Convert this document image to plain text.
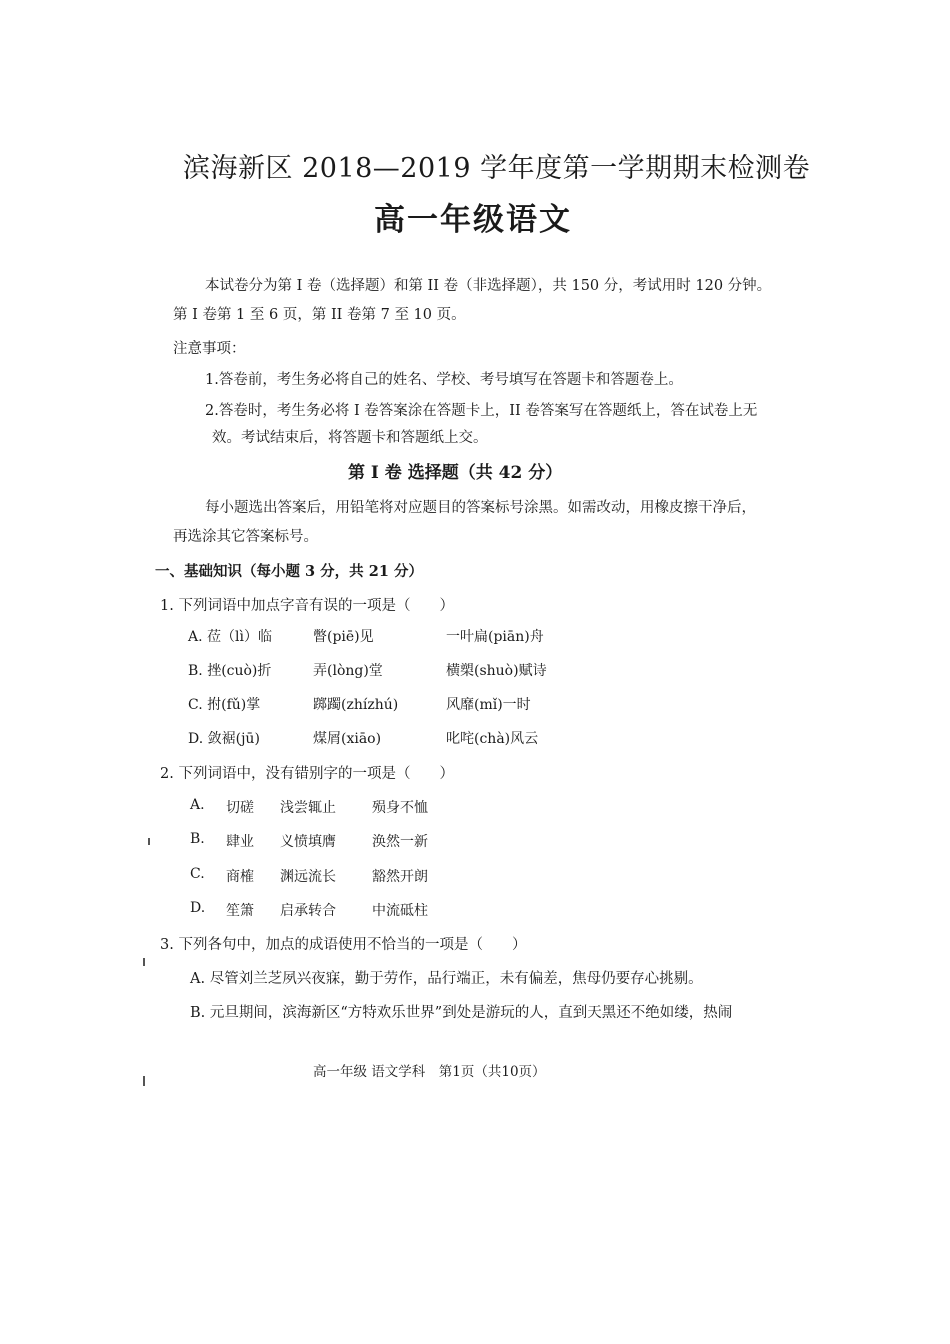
滨海新区 2018—2019 学年度第一学期期末检测卷
高一年级语文
本试卷分为第 I 卷（选择题）和第 II 卷（非选择题），共 150 分，考试用时 120 分钟。
第 I 卷第 1 至 6 页，第 II 卷第 7 至 10 页。
注意事项：
1.答卷前，考生务必将自己的姓名、学校、考号填写在答题卡和答题卷上。
2.答卷时，考生务必将 I 卷答案涂在答题卡上，II 卷答案写在答题纸上，答在试卷上无
效。考试结束后，将答题卡和答题纸上交。
第 I 卷 选择题（共 42 分）
每小题选出答案后，用铅笔将对应题目的答案标号涂黑。如需改动，用橡皮擦干净后，
再选涂其它答案标号。
一、基础知识（每小题 3 分，共 21 分）
1. 下列词语中加点字音有误的一项是（　　）
A. 莅（lì）临	瞥(piē)见	一叶扁(piān)舟
B. 挫(cuò)折	弄(lòng)堂	横槊(shuò)赋诗
C. 拊(fǔ)掌	踯躅(zhízhú)	风靡(mǐ)一时
D. 敛裾(jū)	煤屑(xiāo)	叱咤(chà)风云
2. 下列词语中，没有错别字的一项是（　　）
A. 切磋 浅尝辄止	殒身不恤
B. 肆业 义愤填膺	涣然一新
C. 商榷 渊远流长	豁然开朗
D. 笙箫 启承转合	中流砥柱
3. 下列各句中，加点的成语使用不恰当的一项是（　　）
A. 尽管刘兰芝夙兴夜寐，勤于劳作，品行端正，未有偏差，焦母仍要存心挑剔。
B. 元旦期间，滨海新区“方特欢乐世界”到处是游玩的人，直到天黑还不绝如缕，热闹
高一年级 语文学科　第1页（共10页）
